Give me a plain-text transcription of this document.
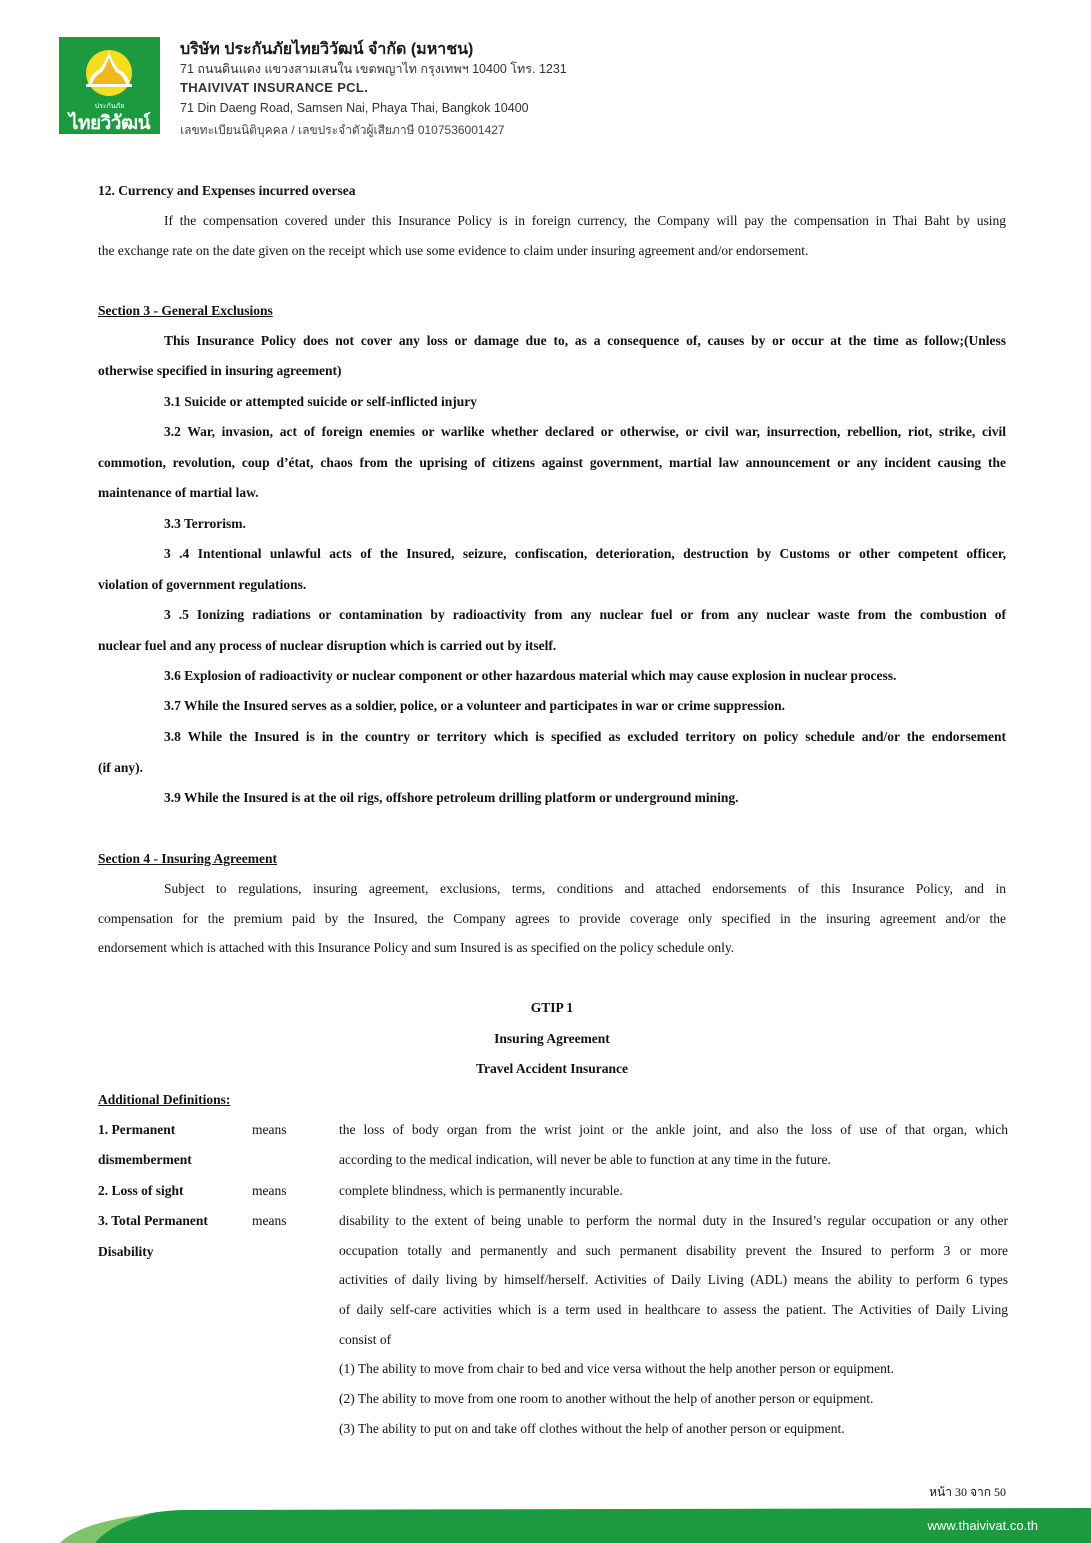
ประกันภัย
ไทยวิวัฒน์
บริษัท ประกันภัยไทยวิวัฒน์ จำกัด (มหาชน)
71 ถนนดินแดง แขวงสามเสนใน เขตพญาไท กรุงเทพฯ 10400 โทร. 1231
THAIVIVAT INSURANCE PCL.
71 Din Daeng Road, Samsen Nai, Phaya Thai, Bangkok 10400
เลขทะเบียนนิติบุคคล / เลขประจำตัวผู้เสียภาษี 0107536001427
12. Currency and Expenses incurred oversea
If the compensation covered under this Insurance Policy is in foreign currency, the Company will pay the compensation in Thai Baht by using
the exchange rate on the date given on the receipt which use some evidence to claim under insuring agreement and/or endorsement.
Section 3 - General Exclusions
This Insurance Policy does not cover any loss or damage due to, as a consequence of, causes by or occur at the time as follow;(Unless
otherwise specified in insuring agreement)
3.1 Suicide or attempted suicide or self-inflicted injury
3.2 War, invasion, act of foreign enemies or warlike whether declared or otherwise, or civil war, insurrection, rebellion, riot, strike, civil
commotion, revolution, coup d’état, chaos from the uprising of citizens against government, martial law announcement or any incident causing the
maintenance of martial law.
3.3 Terrorism.
3 .4 Intentional unlawful acts of the Insured, seizure, confiscation, deterioration, destruction by Customs or other competent officer,
violation of government regulations.
3 .5 Ionizing radiations or contamination by radioactivity from any nuclear fuel or from any nuclear waste from the combustion of
nuclear fuel and any process of nuclear disruption which is carried out by itself.
3.6 Explosion of radioactivity or nuclear component or other hazardous material which may cause explosion in nuclear process.
3.7 While the Insured serves as a soldier, police, or a volunteer and participates in war or crime suppression.
3.8 While the Insured is in the country or territory which is specified as excluded territory on policy schedule and/or the endorsement
(if any).
3.9 While the Insured is at the oil rigs, offshore petroleum drilling platform or underground mining.
Section 4 - Insuring Agreement
Subject to regulations, insuring agreement, exclusions, terms, conditions and attached endorsements of this Insurance Policy, and in
compensation for the premium paid by the Insured, the Company agrees to provide coverage only specified in the insuring agreement and/or the
endorsement which is attached with this Insurance Policy and sum Insured is as specified on the policy schedule only.
GTIP 1
Insuring Agreement
Travel Accident Insurance
Additional Definitions:
1. Permanent	means	the loss of body organ from the wrist joint or the ankle joint, and also the loss of use of that organ, which
dismemberment	according to the medical indication, will never be able to function at any time in the future.
2. Loss of sight	means	complete blindness, which is permanently incurable.
3. Total Permanent	means	disability to the extent of being unable to perform the normal duty in the Insured’s regular occupation or any other
Disability	occupation totally and permanently and such permanent disability prevent the Insured to perform 3 or more
activities of daily living by himself/herself. Activities of Daily Living (ADL) means the ability to perform 6 types
of daily self-care activities which is a term used in healthcare to assess the patient. The Activities of Daily Living
consist of
(1) The ability to move from chair to bed and vice versa without the help another person or equipment.
(2) The ability to move from one room to another without the help of another person or equipment.
(3) The ability to put on and take off clothes without the help of another person or equipment.
หน้า 30 จาก 50
www.thaivivat.co.th
